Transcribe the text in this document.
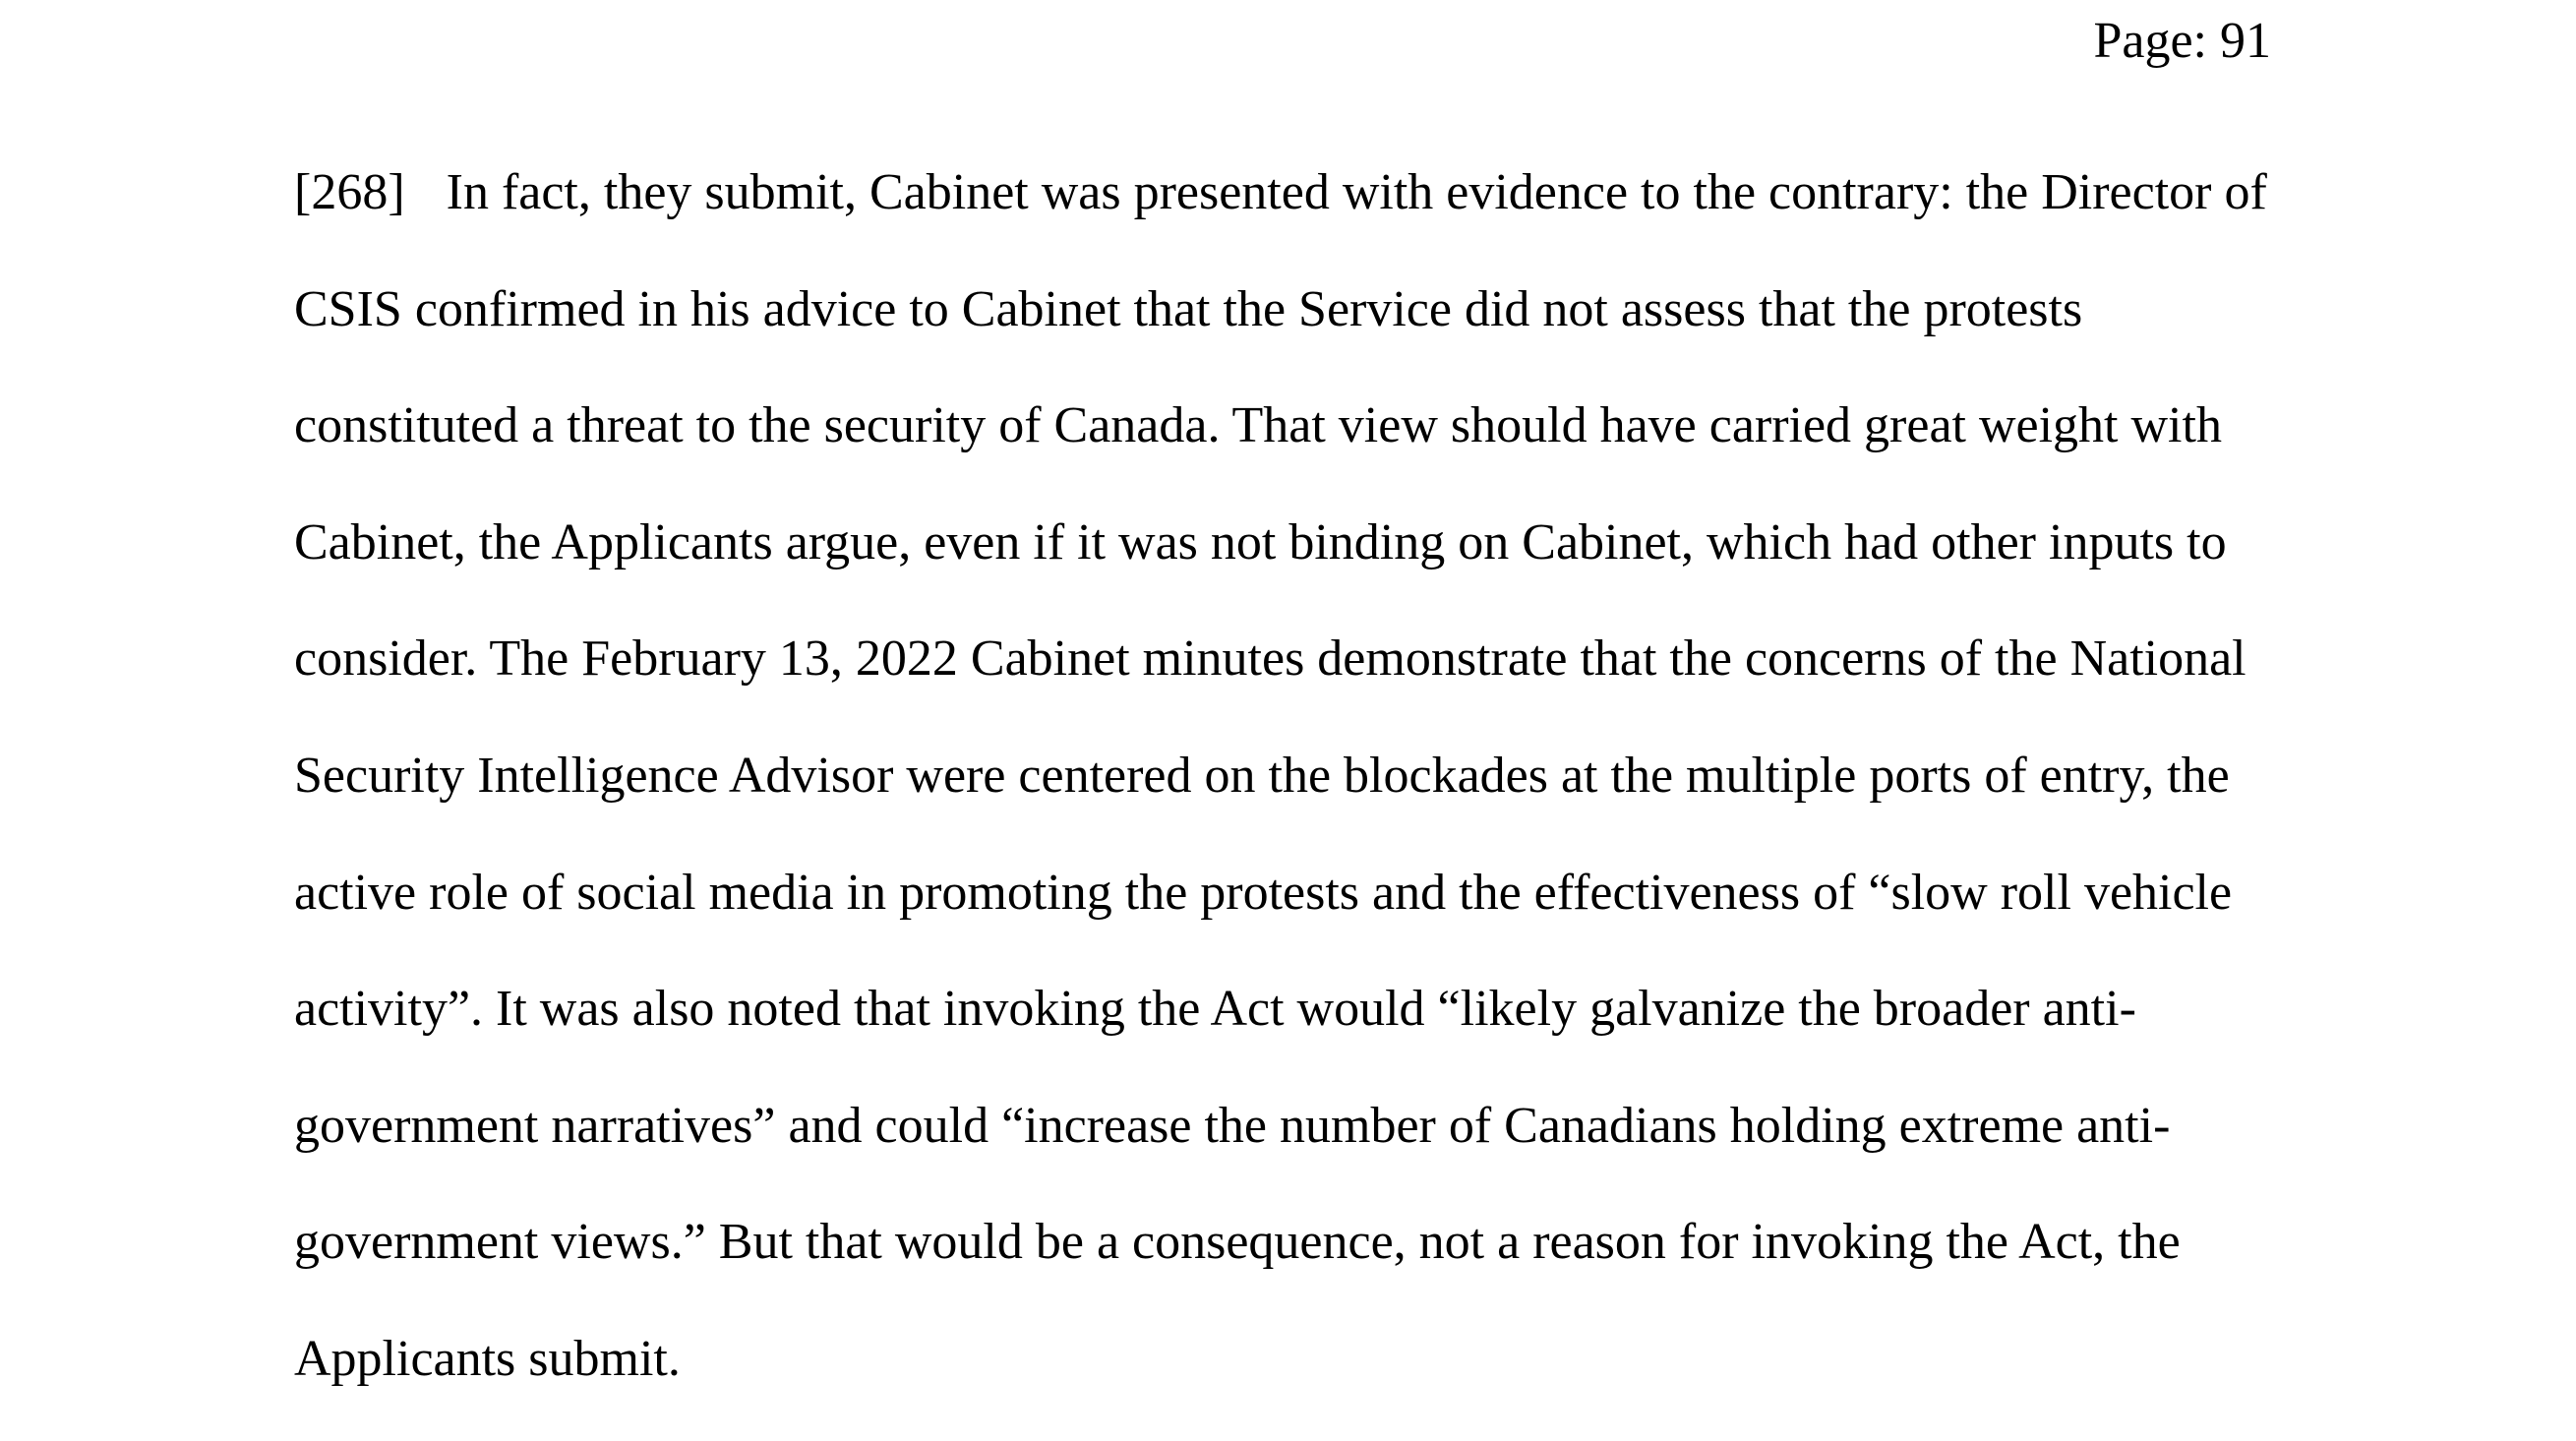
Page: 91
[268] In fact, they submit, Cabinet was presented with evidence to the contrary: the Director of
CSIS confirmed in his advice to Cabinet that the Service did not assess that the protests
constituted a threat to the security of Canada. That view should have carried great weight with
Cabinet, the Applicants argue, even if it was not binding on Cabinet, which had other inputs to
consider. The February 13, 2022 Cabinet minutes demonstrate that the concerns of the National
Security Intelligence Advisor were centered on the blockades at the multiple ports of entry, the
active role of social media in promoting the protests and the effectiveness of “slow roll vehicle
activity”. It was also noted that invoking the Act would “likely galvanize the broader anti-
government narratives” and could “increase the number of Canadians holding extreme anti-
government views.” But that would be a consequence, not a reason for invoking the Act, the
Applicants submit.
